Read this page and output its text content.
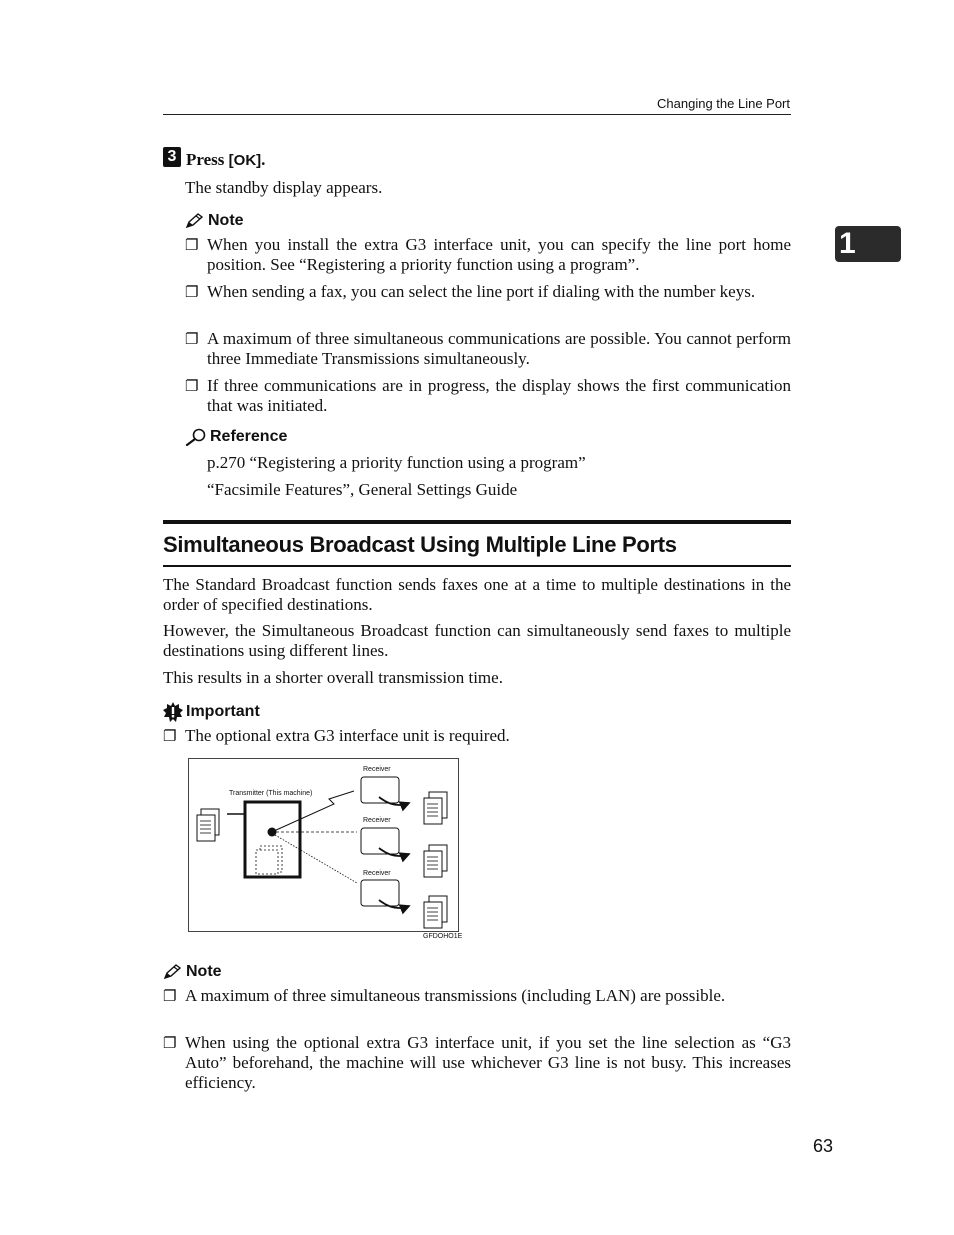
Changing the Line Port
1
3 Press [OK].
The standby display appears.
Note
❐ When you install the extra G3 interface unit, you can specify the line port home position. See “Registering a priority function using a program”.
❐ When sending a fax, you can select the line port if dialing with the number keys.
❐ A maximum of three simultaneous communications are possible. You cannot perform three Immediate Transmissions simultaneously.
❐ If three communications are in progress, the display shows the first communication that was initiated.
Reference
p.270 “Registering a priority function using a program”
“Facsimile Features”, General Settings Guide
Simultaneous Broadcast Using Multiple Line Ports
The Standard Broadcast function sends faxes one at a time to multiple destinations in the order of specified destinations.
However, the Simultaneous Broadcast function can simultaneously send faxes to multiple destinations using different lines.
This results in a shorter overall transmission time.
Important
❐ The optional extra G3 interface unit is required.
Transmitter (This machine)
Receiver
Receiver
Receiver
GFDOHO1E
Note
❐ A maximum of three simultaneous transmissions (including LAN) are possible.
❐ When using the optional extra G3 interface unit, if you set the line selection as “G3 Auto” beforehand, the machine will use whichever G3 line is not busy. This increases efficiency.
63
